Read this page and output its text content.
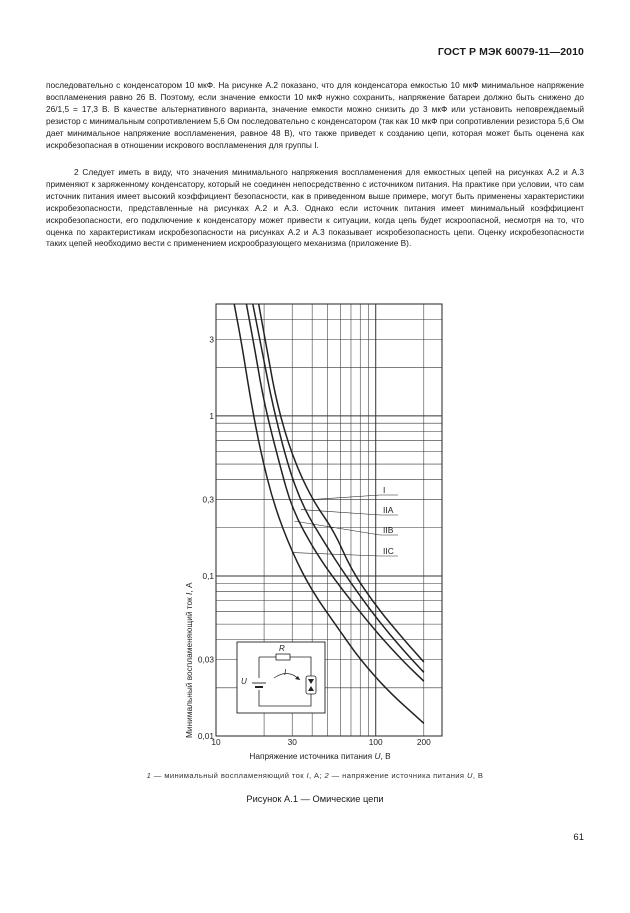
ГОСТ Р МЭК 60079-11—2010
последовательно с конденсатором 10 мкФ. На рисунке А.2 показано, что для конденсатора емкостью 10 мкФ минимальное напряжение воспламенения равно 26 В. Поэтому, если значение емкости 10 мкФ нужно сохранить, напряжение батареи должно быть снижено до 26/1,5 = 17,3 В. В качестве альтернативного варианта, значение емкости можно снизить до 3 мкФ или установить неповреждаемый резистор с минимальным сопротивлением 5,6 Ом последовательно с конденсатором (так как 10 мкФ при сопротивлении резистора 5,6 Ом дает минимальное напряжение воспламенения, равное 48 В), что также приведет к созданию цепи, которая может быть оценена как искробезопасная в отношении искрового воспламенения для группы I.
2 Следует иметь в виду, что значения минимального напряжения воспламенения для емкостных цепей на рисунках А.2 и А.3 применяют к заряженному конденсатору, который не соединен непосредственно с источником питания. На практике при условии, что сам источник питания имеет высокий коэффициент безопасности, как в приведенном выше примере, могут быть применены характеристики искробезопасности, представленные на рисунках А.2 и А.3. Однако если источник питания имеет минимальный коэффициент искробезопасности, его подключение к конденсатору может привести к ситуации, когда цепь будет искроопасной, несмотря на то, что оценка по характеристикам искробезопасности на рисунках А.2 и А.3 показывает искробезопасность цепи. Оценку искробезопасности таких цепей необходимо вести с применением искрообразующего механизма (приложение В).
Минимальный воспламеняющий ток I, А
10	30	100	200
0,01
0,03
0,1
0,3
1
3
I
IIA
IIB
IIC
R
I
U
Напряжение источника питания U, В
1 — минимальный воспламеняющий ток I, А; 2 — напряжение источника питания U, В
Рисунок А.1 — Омические цепи
61
